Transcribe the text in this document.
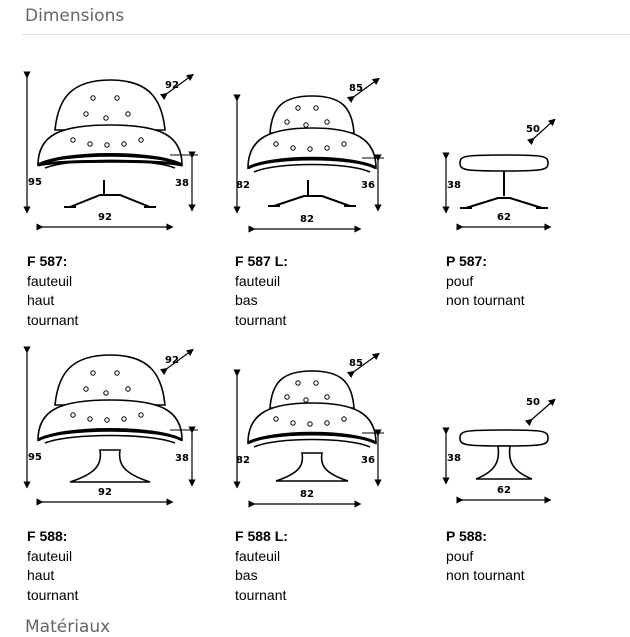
Dimensions
95
92
38
92
82
82
36
85
38
62
50
F 587:
fauteuil
haut
tournant
F 587 L:
fauteuil
bas
tournant
P 587:
pouf
non tournant
95
92
38
92
82
82
36
85
38
62
50
F 588:
fauteuil
haut
tournant
F 588 L:
fauteuil
bas
tournant
P 588:
pouf
non tournant
Matériaux
